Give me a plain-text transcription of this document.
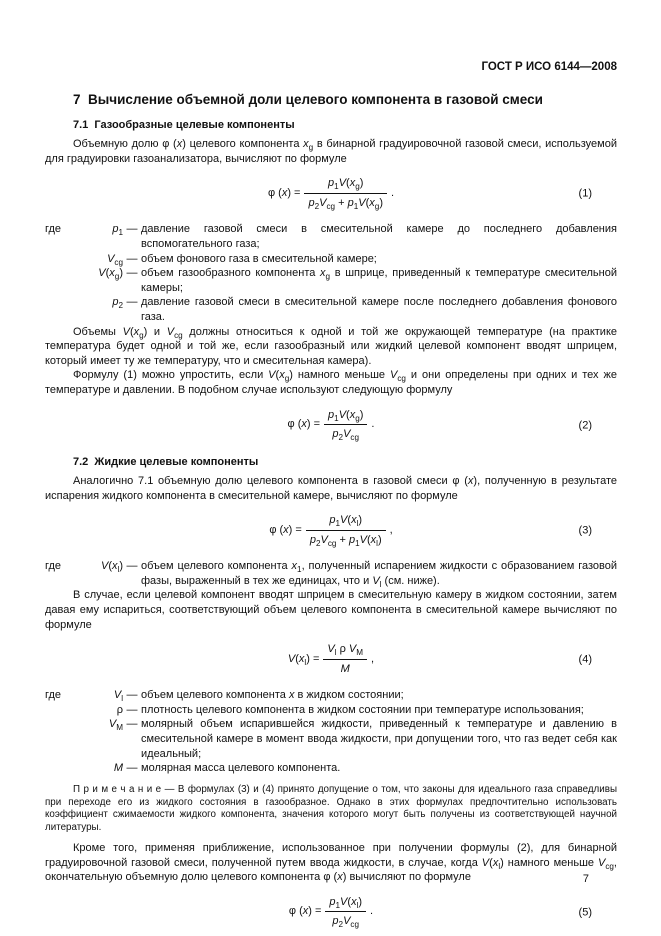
ГОСТ Р ИСО 6144—2008
7  Вычисление объемной доли целевого компонента в газовой смеси
7.1  Газообразные целевые компоненты

Объемную долю φ (x) целевого компонента $x_g$ в бинарной градуировочной газовой смеси, используемой для градуировки газоанализатора, вычисляют по формуле

φ $(x) = \frac{p_1V(x_g)}{p_2V_{cg} + p_1V(x_g)}$ .	(1)
где	$p_1$ — давление газовой смеси в смесительной камере до последнего добавления вспомогательного газа;
$V_{cg}$ — объем фонового газа в смесительной камере;
$V(x_g)$ — объем газообразного компонента $x_g$ в шприце, приведенный к температуре смесительной камеры;
$p_2$ — давление газовой смеси в смесительной камере после последнего добавления фонового газа.

Объемы $V(x_g)$ и $V_{cg}$ должны относиться к одной и той же окружающей температуре (на практике температура будет одной и той же, если газообразный или жидкий целевой компонент вводят шприцем, который имеет ту же температуру, что и смесительная камера).

Формулу (1) можно упростить, если $V(x_g)$ намного меньше $V_{cg}$ и они определены при одних и тех же температуре и давлении. В подобном случае используют следующую формулу

φ $(x) = \frac{p_1V(x_g)}{p_2V_{cg}}$ .	(2)
7.2  Жидкие целевые компоненты

Аналогично 7.1 объемную долю целевого компонента в газовой смеси φ (x), полученную в результате испарения жидкого компонента в смесительной камере, вычисляют по формуле

φ $(x) = \frac{p_1V(x_l)}{p_2V_{cg} + p_1V(x_l)}$ ,	(3)
где	$V(x_l)$ — объем целевого компонента $x_1$, полученный испарением жидкости с образованием газовой фазы, выраженный в тех же единицах, что и $V_l$ (см. ниже).

В случае, если целевой компонент вводят шприцем в смесительную камеру в жидком состоянии, затем давая ему испариться, соответствующий объем целевого компонента в смесительной камере вычисляют по формуле

$V(x_l) = \frac{V_l \rho V_M}{M}$ ,	(4)
где	$V_l$ — объем целевого компонента x в жидком состоянии;
ρ — плотность целевого компонента в жидком состоянии при температуре использования;
$V_M$ — молярный объем испарившейся жидкости, приведенный к температуре и давлению в смесительной камере в момент ввода жидкости, при допущении того, что газ ведет себя как идеальный;
M — молярная масса целевого компонента.

П р и м е ч а н и е — В формулах (3) и (4) принято допущение о том, что законы для идеального газа справедливы при переходе его из жидкого состояния в газообразное. Однако в этих формулах предпочтительно использовать коэффициент сжимаемости жидкого компонента, значения которого могут быть получены из соответствующей научной литературы.

Кроме того, применяя приближение, использованное при получении формулы (2), для бинарной градуировочной газовой смеси, полученной путем ввода жидкости, в случае, когда $V(x_l)$ намного меньше $V_{cg}$, окончательную объемную долю целевого компонента φ (x) вычисляют по формуле

φ $(x) = \frac{p_1V(x_l)}{p_2V_{cg}}$ .	(5)
7
